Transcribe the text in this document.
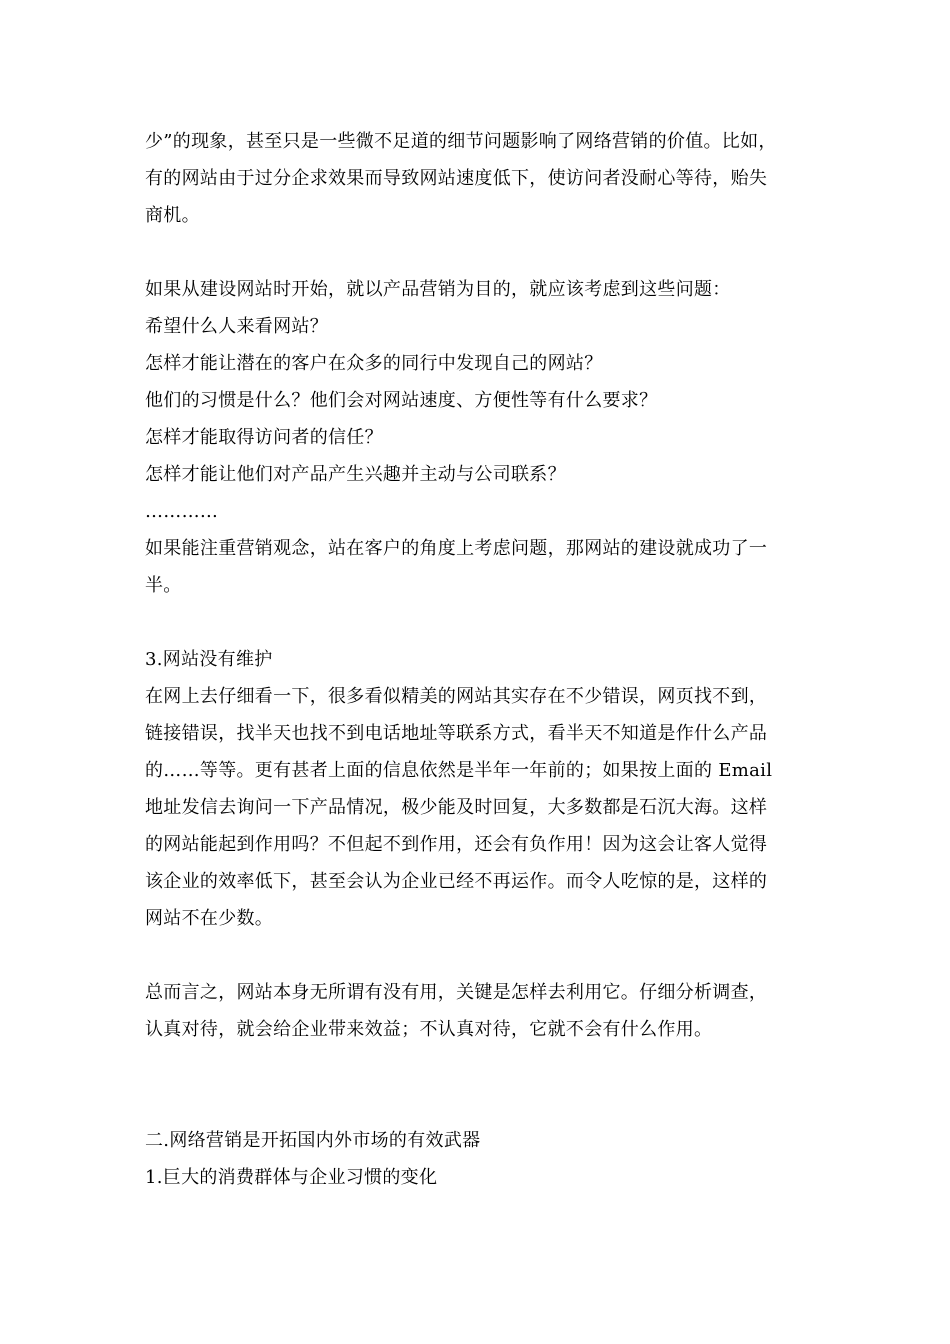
少”的现象，甚至只是一些微不足道的细节问题影响了网络营销的价值。比如，
有的网站由于过分企求效果而导致网站速度低下，使访问者没耐心等待，贻失
商机。
如果从建设网站时开始，就以产品营销为目的，就应该考虑到这些问题：
希望什么人来看网站？
怎样才能让潜在的客户在众多的同行中发现自己的网站？
他们的习惯是什么？他们会对网站速度、方便性等有什么要求？
怎样才能取得访问者的信任？
怎样才能让他们对产品产生兴趣并主动与公司联系？
…………
如果能注重营销观念，站在客户的角度上考虑问题，那网站的建设就成功了一
半。
3.网站没有维护
在网上去仔细看一下，很多看似精美的网站其实存在不少错误，网页找不到，
链接错误，找半天也找不到电话地址等联系方式，看半天不知道是作什么产品
的……等等。更有甚者上面的信息依然是半年一年前的；如果按上面的 Email
地址发信去询问一下产品情况，极少能及时回复，大多数都是石沉大海。这样
的网站能起到作用吗？不但起不到作用，还会有负作用！因为这会让客人觉得
该企业的效率低下，甚至会认为企业已经不再运作。而令人吃惊的是，这样的
网站不在少数。
总而言之，网站本身无所谓有没有用，关键是怎样去利用它。仔细分析调查，
认真对待，就会给企业带来效益；不认真对待，它就不会有什么作用。
二.网络营销是开拓国内外市场的有效武器
1.巨大的消费群体与企业习惯的变化
